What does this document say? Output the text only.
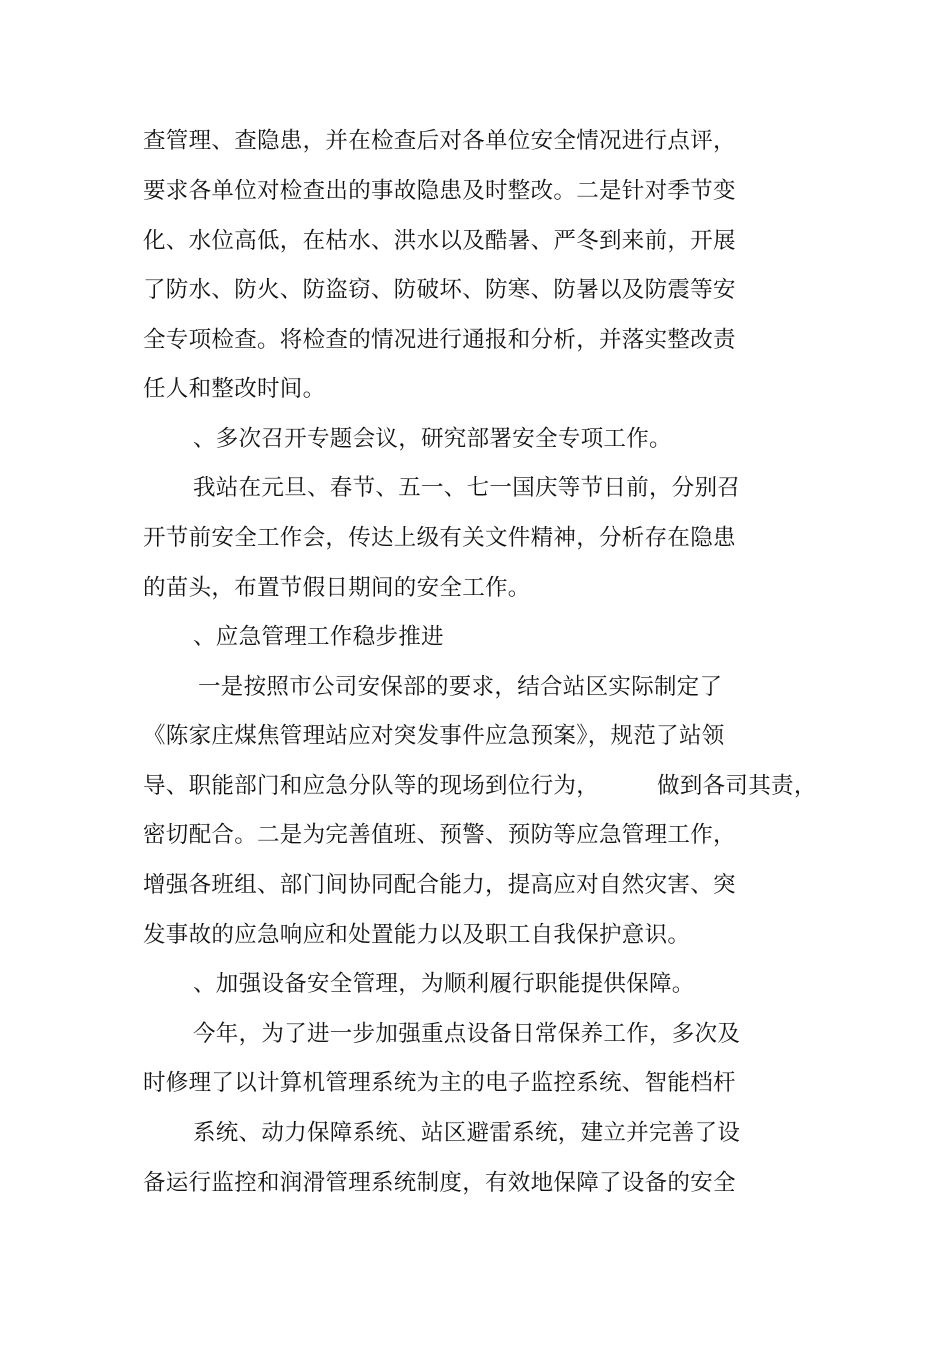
查管理、查隐患，并在检查后对各单位安全情况进行点评，
要求各单位对检查出的事故隐患及时整改。二是针对季节变
化、水位高低，在枯水、洪水以及酷暑、严冬到来前，开展
了防水、防火、防盗窃、防破坏、防寒、防暑以及防震等安
全专项检查。将检查的情况进行通报和分析，并落实整改责
任人和整改时间。
、多次召开专题会议，研究部署安全专项工作。
我站在元旦、春节、五一、七一国庆等节日前，分别召
开节前安全工作会，传达上级有关文件精神，分析存在隐患
的苗头，布置节假日期间的安全工作。
、应急管理工作稳步推进
一是按照市公司安保部的要求，结合站区实际制定了
《陈家庄煤焦管理站应对突发事件应急预案》，规范了站领
导、职能部门和应急分队等的现场到位行为，	做到各司其责，
密切配合。二是为完善值班、预警、预防等应急管理工作，
增强各班组、部门间协同配合能力，提高应对自然灾害、突
发事故的应急响应和处置能力以及职工自我保护意识。
、加强设备安全管理，为顺利履行职能提供保障。
今年，为了进一步加强重点设备日常保养工作，多次及
时修理了以计算机管理系统为主的电子监控系统、智能档杆
系统、动力保障系统、站区避雷系统，建立并完善了设
备运行监控和润滑管理系统制度，有效地保障了设备的安全
